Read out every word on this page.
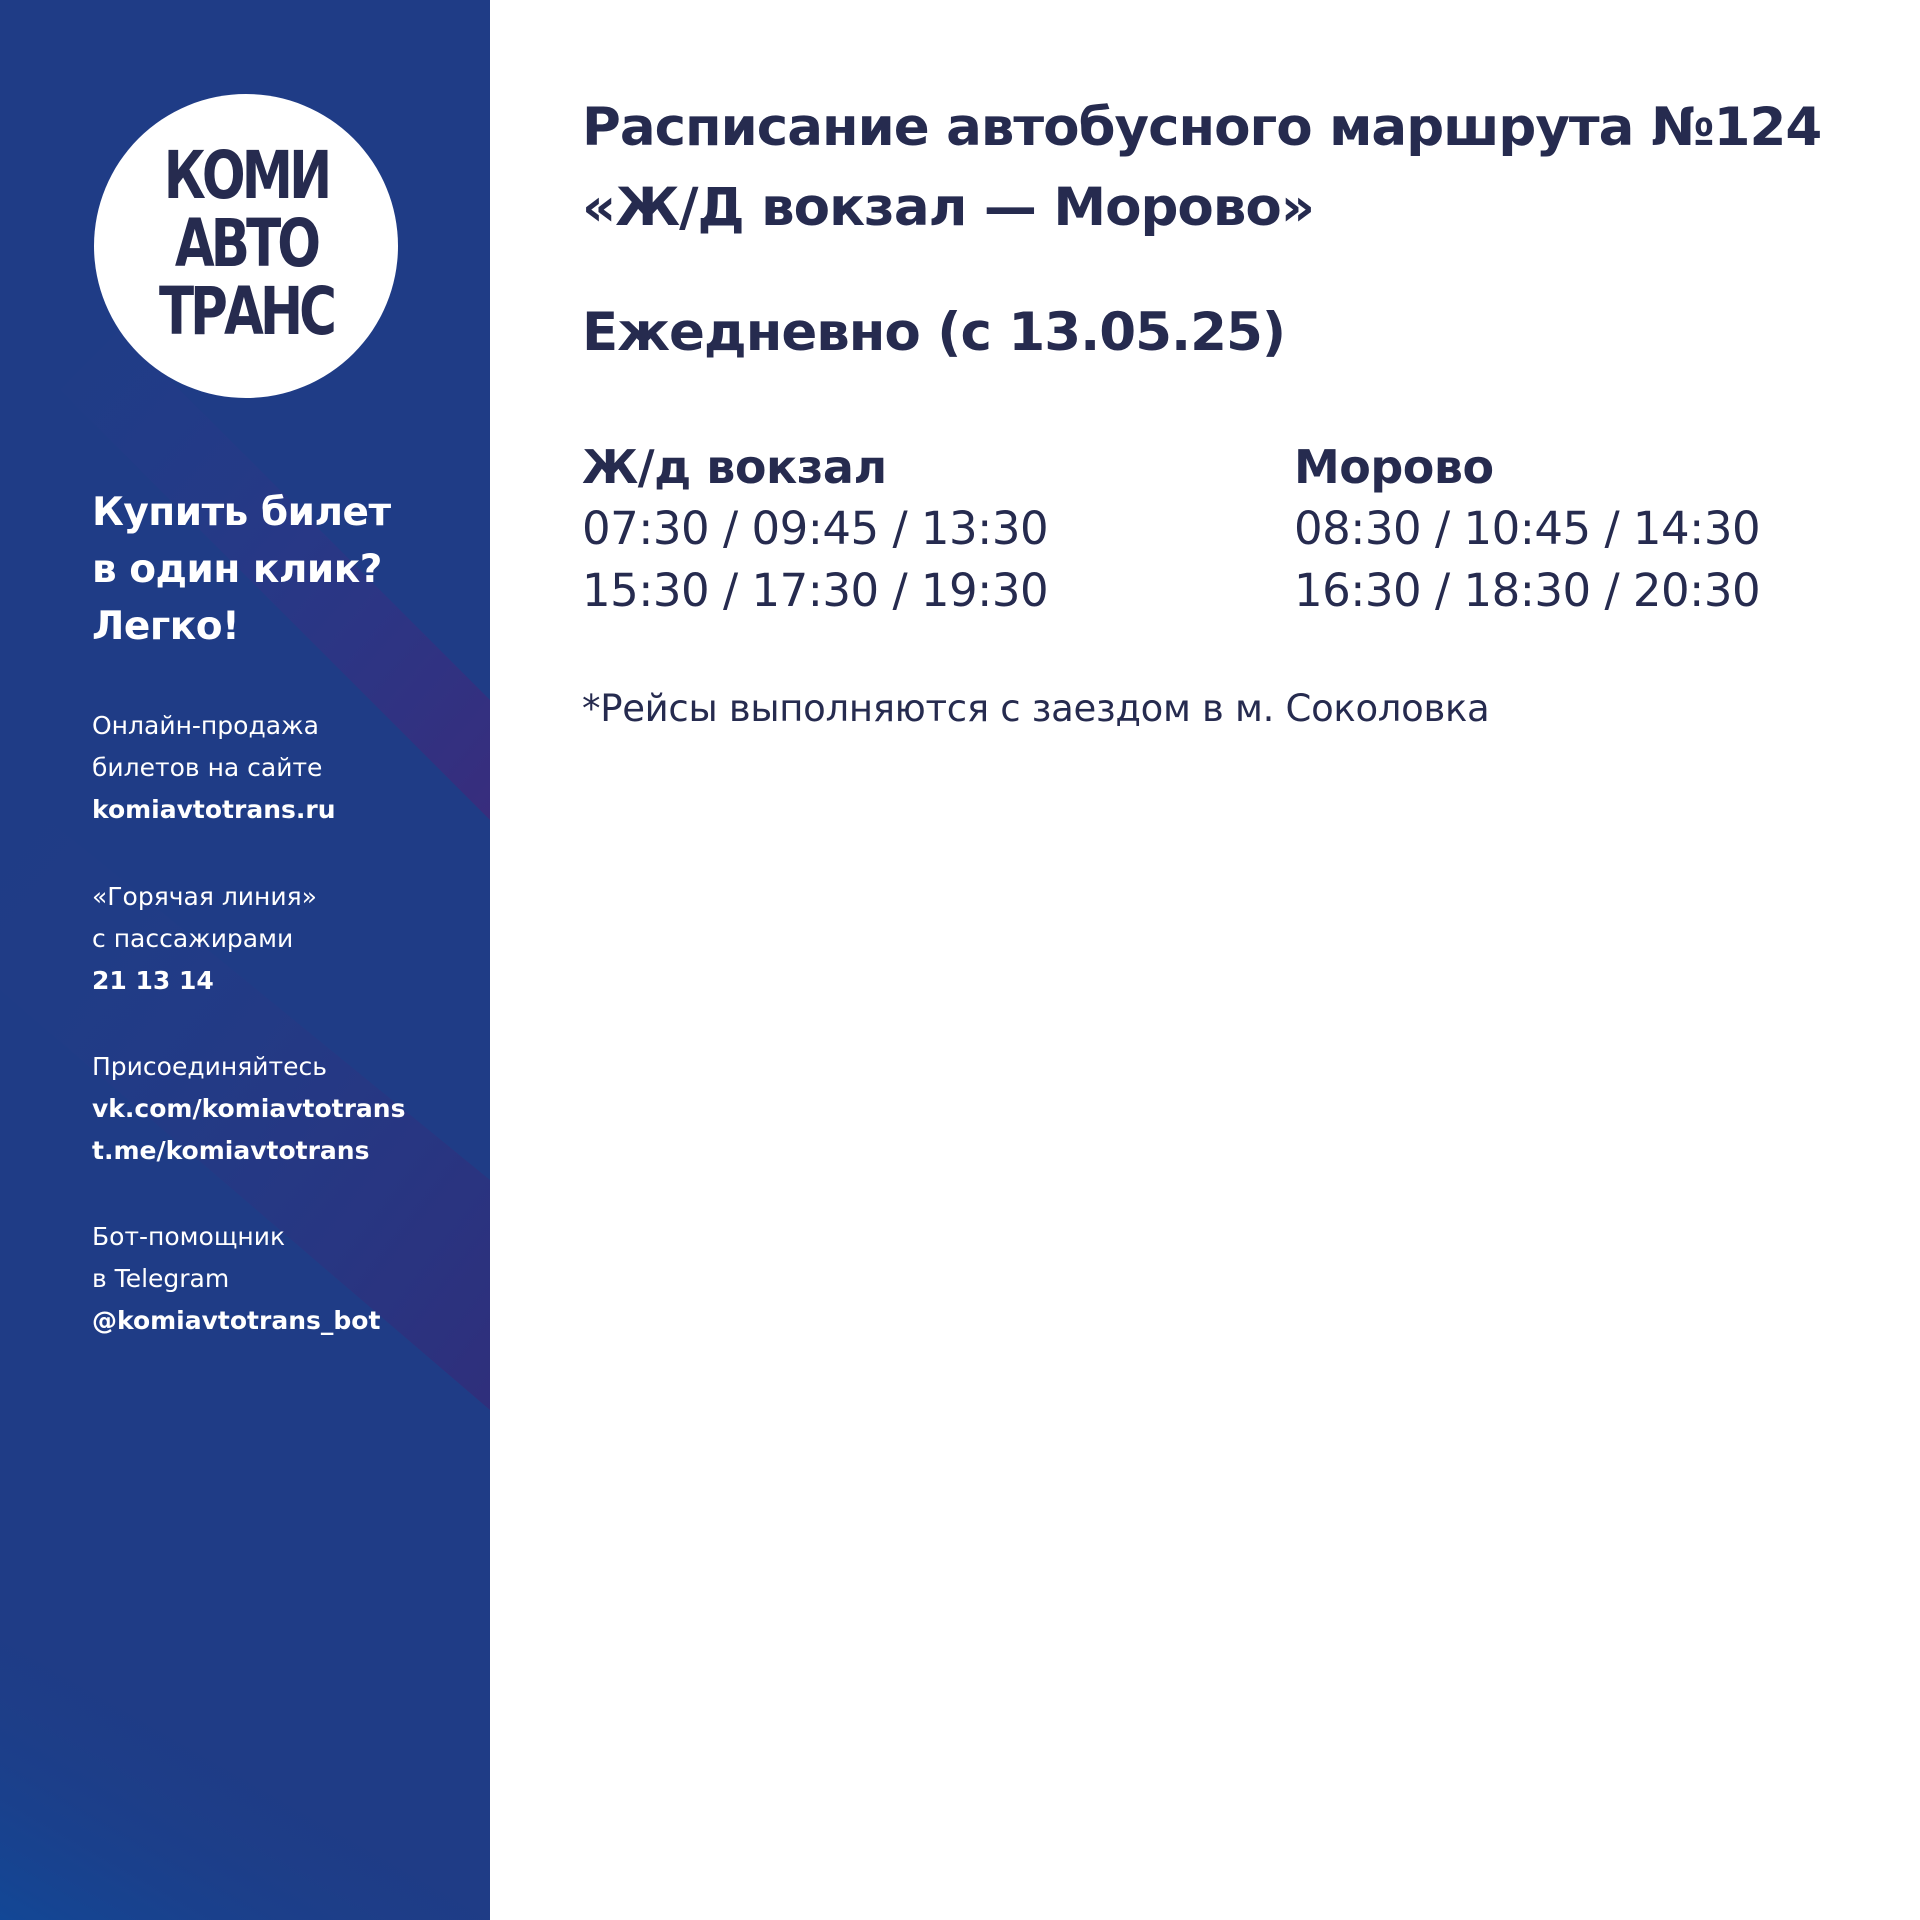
КОМИ
АВТО
ТРАНС
Купить билет
в один клик?
Легко!
Онлайн-продажа
билетов на сайте
komiavtotrans.ru
«Горячая линия»
с пассажирами
21 13 14
Присоединяйтесь
vk.com/komiavtotrans
t.me/komiavtotrans
Бот-помощник
в Telegram
@komiavtotrans_bot
Расписание автобусного маршрута №124
«Ж/Д вокзал — Морово»
Ежедневно (с 13.05.25)
Ж/д вокзал
07:30 / 09:45 / 13:30
15:30 / 17:30 / 19:30
Морово
08:30 / 10:45 / 14:30
16:30 / 18:30 / 20:30
*Рейсы выполняются с заездом в м. Соколовка
